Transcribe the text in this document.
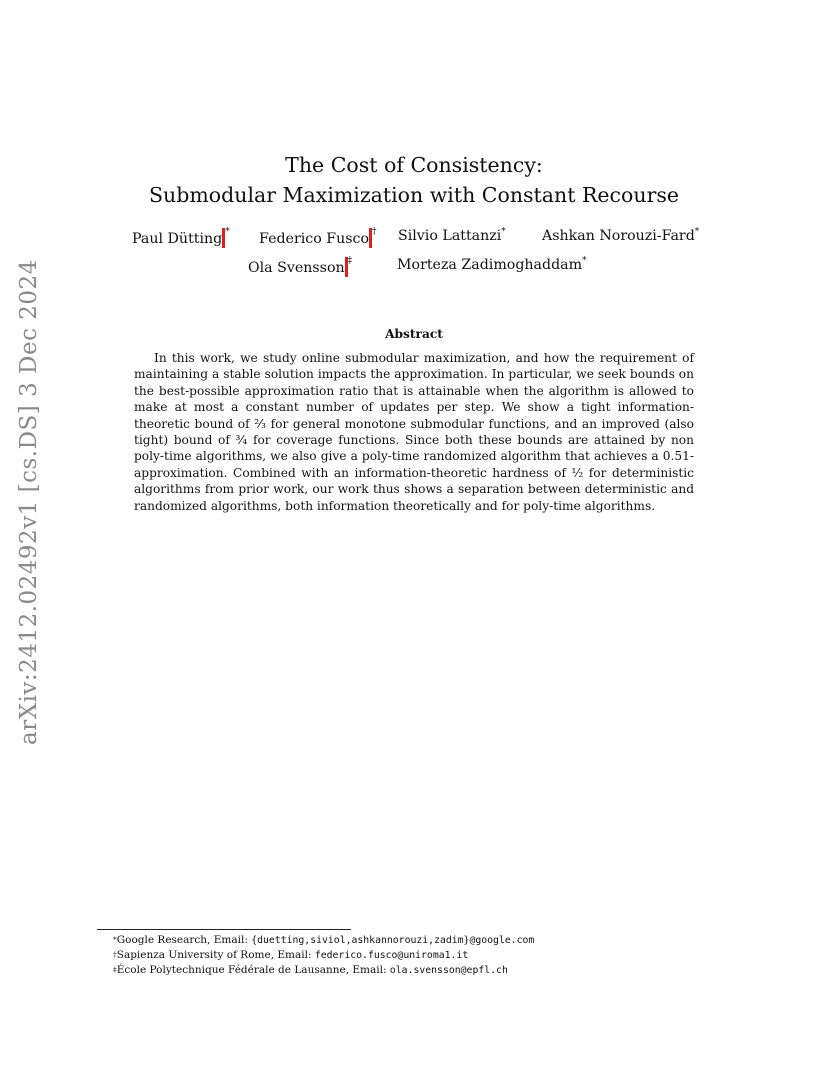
arXiv:2412.02492v1 [cs.DS] 3 Dec 2024
The Cost of Consistency:
Submodular Maximization with Constant Recourse
Paul Dütting * Federico Fusco † Silvio Lattanzi*	Ashkan Norouzi-Fard*
Ola Svensson ‡	Morteza Zadimoghaddam*
Abstract
In this work, we study online submodular maximization, and how the requirement of maintaining a stable solution impacts the approximation. In particular, we seek bounds on the best-possible approximation ratio that is attainable when the algorithm is allowed to make at most a constant number of updates per step. We show a tight information-theoretic bound of ²⁄₃ for general monotone submodular functions, and an improved (also tight) bound of ³⁄₄ for coverage functions. Since both these bounds are attained by non poly-time algorithms, we also give a poly-time randomized algorithm that achieves a 0.51-approximation. Combined with an information-theoretic hardness of ¹⁄₂ for deterministic algorithms from prior work, our work thus shows a separation between deterministic and randomized algorithms, both information theoretically and for poly-time algorithms.
*Google Research, Email: {duetting,siviol,ashkannorouzi,zadim}@google.com
†Sapienza University of Rome, Email: federico.fusco@uniroma1.it
‡École Polytechnique Fédérale de Lausanne, Email: ola.svensson@epfl.ch
